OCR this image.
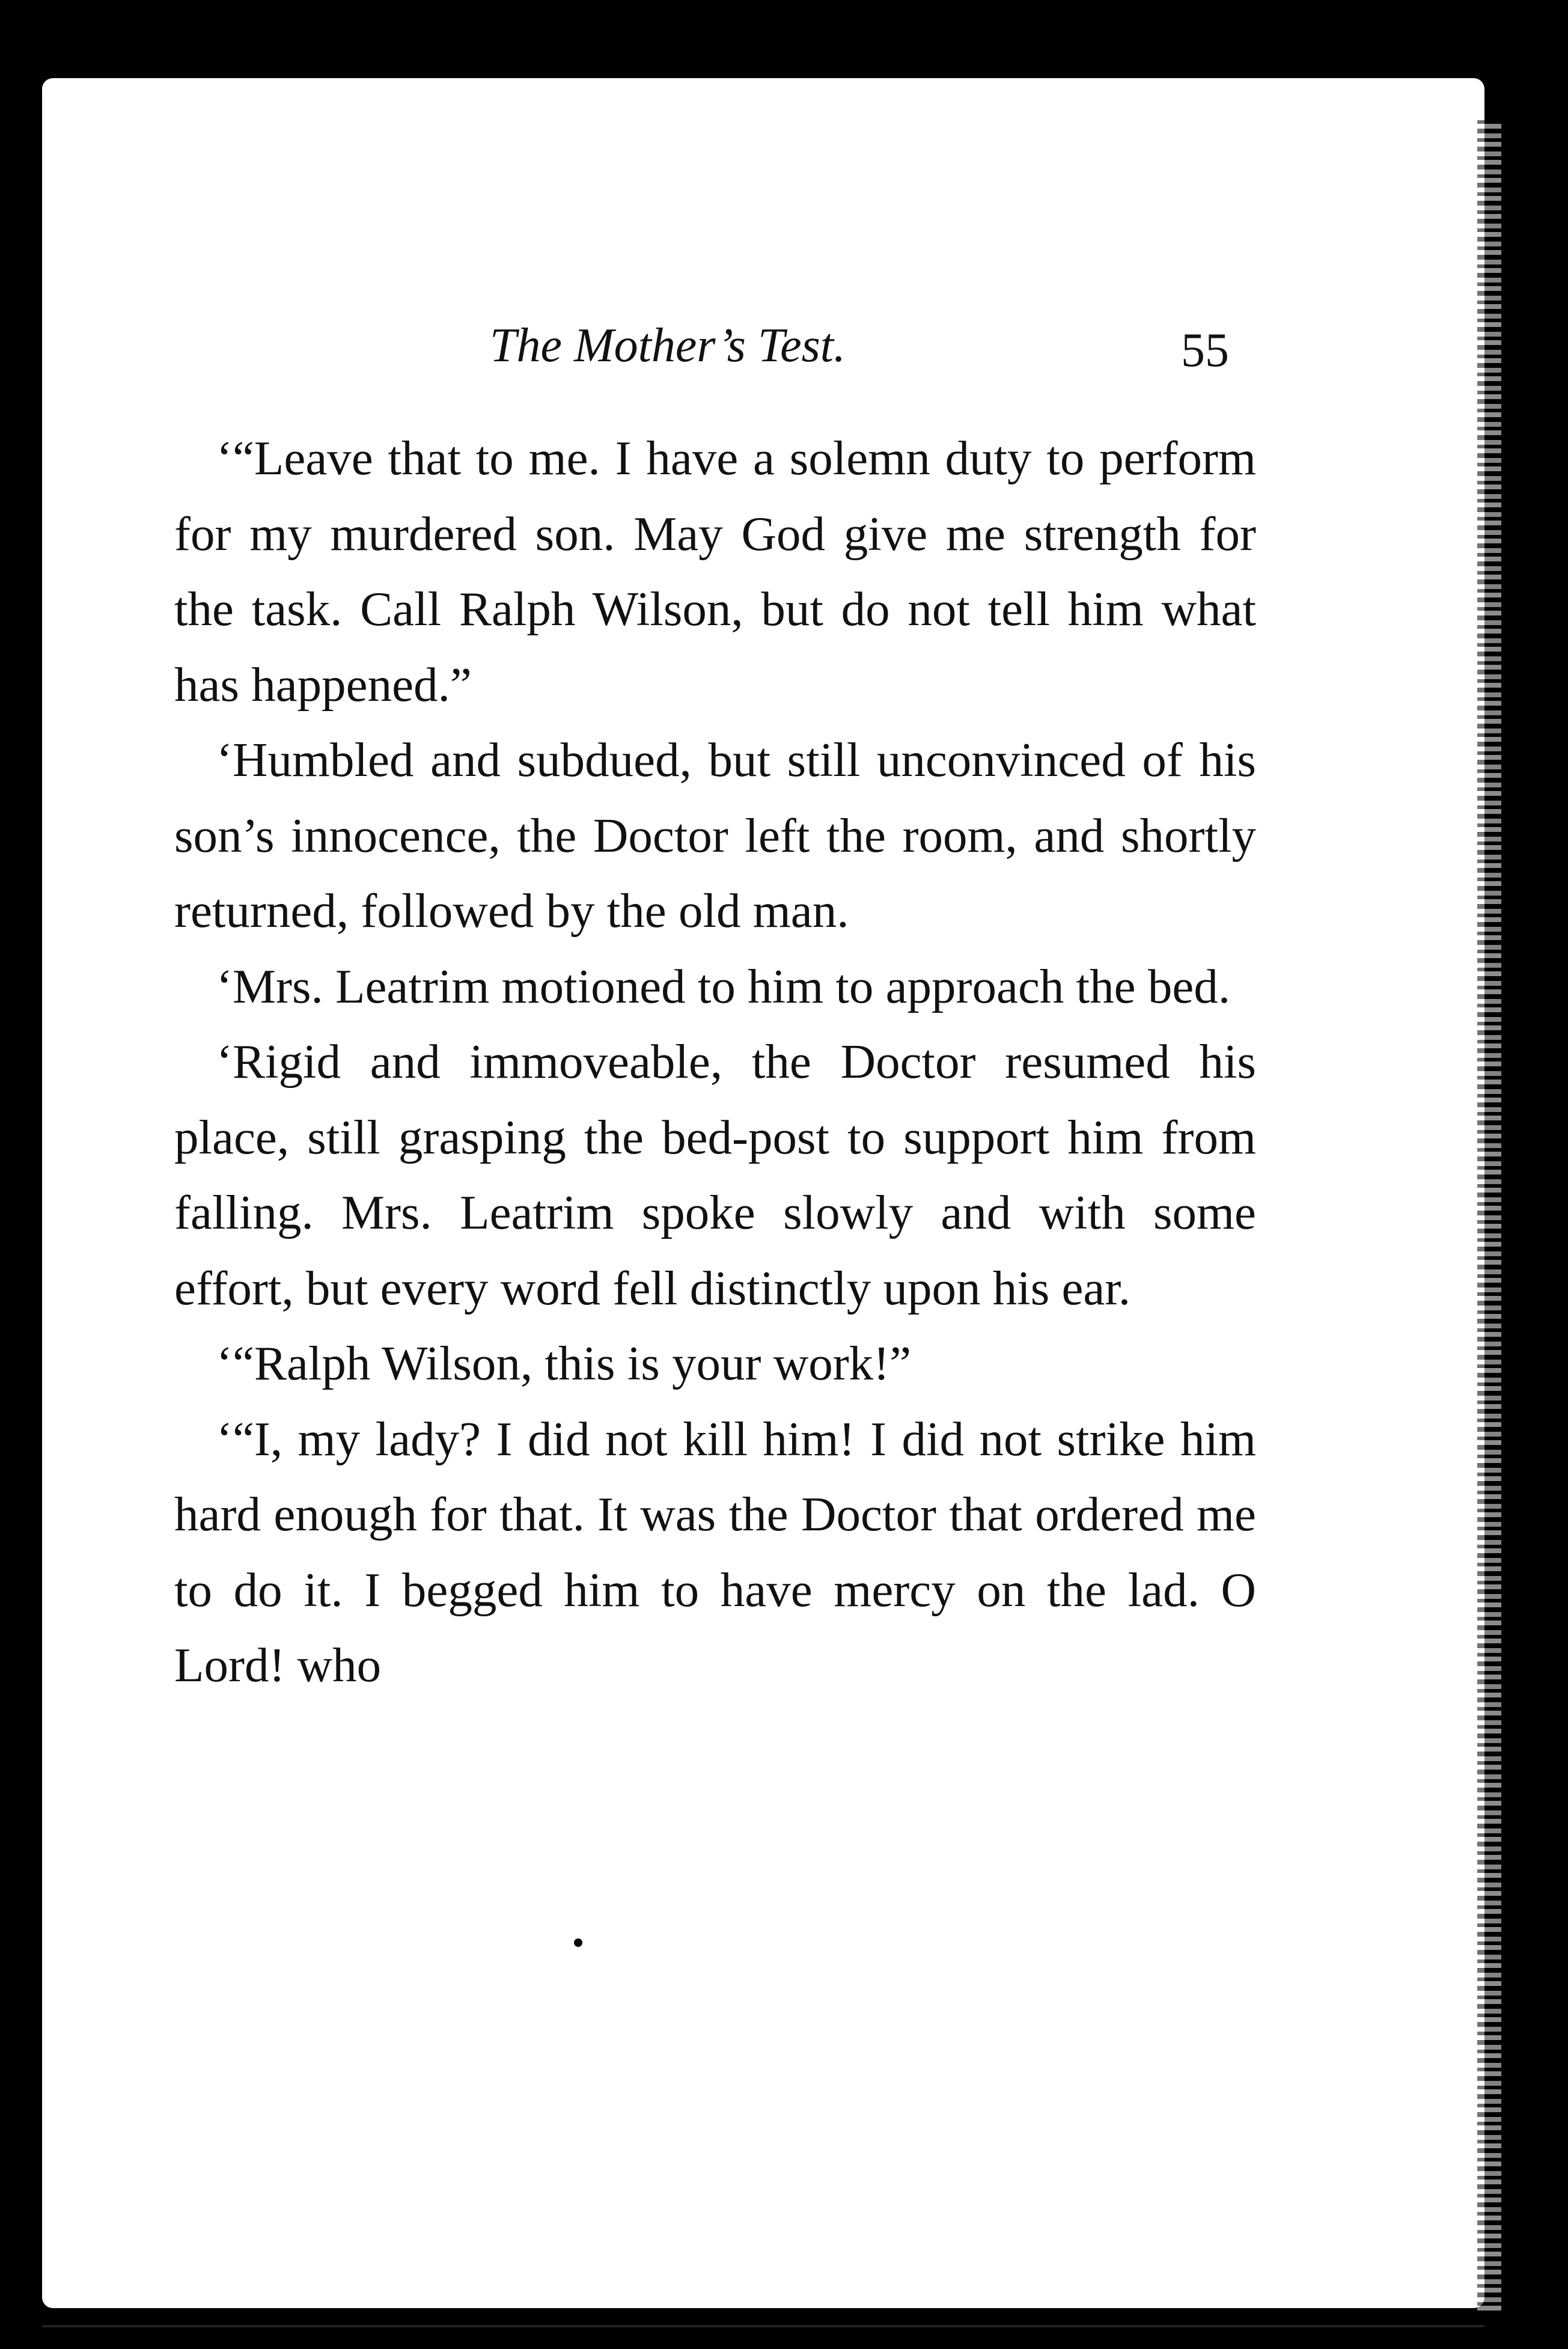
The Mother’s Test.	55

‘“Leave that to me. I have a solemn duty to perform for my murdered son. May God give me strength for the task. Call Ralph Wilson, but do not tell him what has happened.”

‘Humbled and subdued, but still unconvinced of his son’s innocence, the Doctor left the room, and shortly returned, followed by the old man.

‘Mrs. Leatrim motioned to him to approach the bed.

‘Rigid and immoveable, the Doctor resumed his place, still grasping the bed-post to support him from falling. Mrs. Leatrim spoke slowly and with some effort, but every word fell distinctly upon his ear.

‘“Ralph Wilson, this is your work!”

‘“I, my lady? I did not kill him! I did not strike him hard enough for that. It was the Doctor that ordered me to do it. I begged him to have mercy on the lad. O Lord! who
